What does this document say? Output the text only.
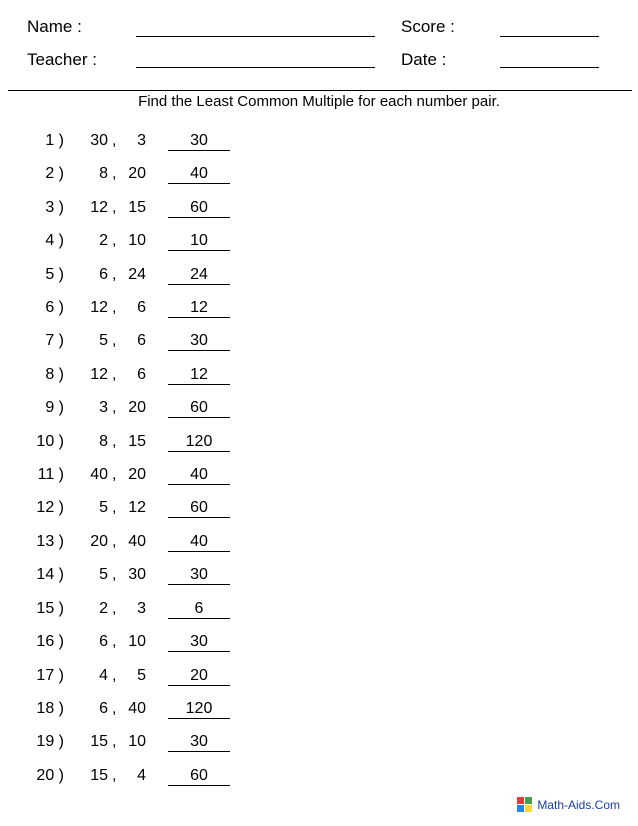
Name :	Score :
Teacher :	Date :
Find the Least Common Multiple for each number pair.
1 ) 30 ,	3	30
2 )	8 , 20	40
3 ) 12 , 15	60
4 )	2 , 10	10
5 )	6 , 24	24
6 ) 12 ,	6	12
7 )	5 ,	6	30
8 ) 12 ,	6	12
9 )	3 , 20	60
10 )	8 , 15	120
11 ) 40 , 20	40
12 )	5 , 12	60
13 ) 20 , 40	40
14 )	5 , 30	30
15 )	2 ,	3	6
16 )	6 , 10	30
17 )	4 ,	5	20
18 )	6 , 40	120
19 ) 15 , 10	30
20 ) 15 ,	4	60
Math-Aids.Com
